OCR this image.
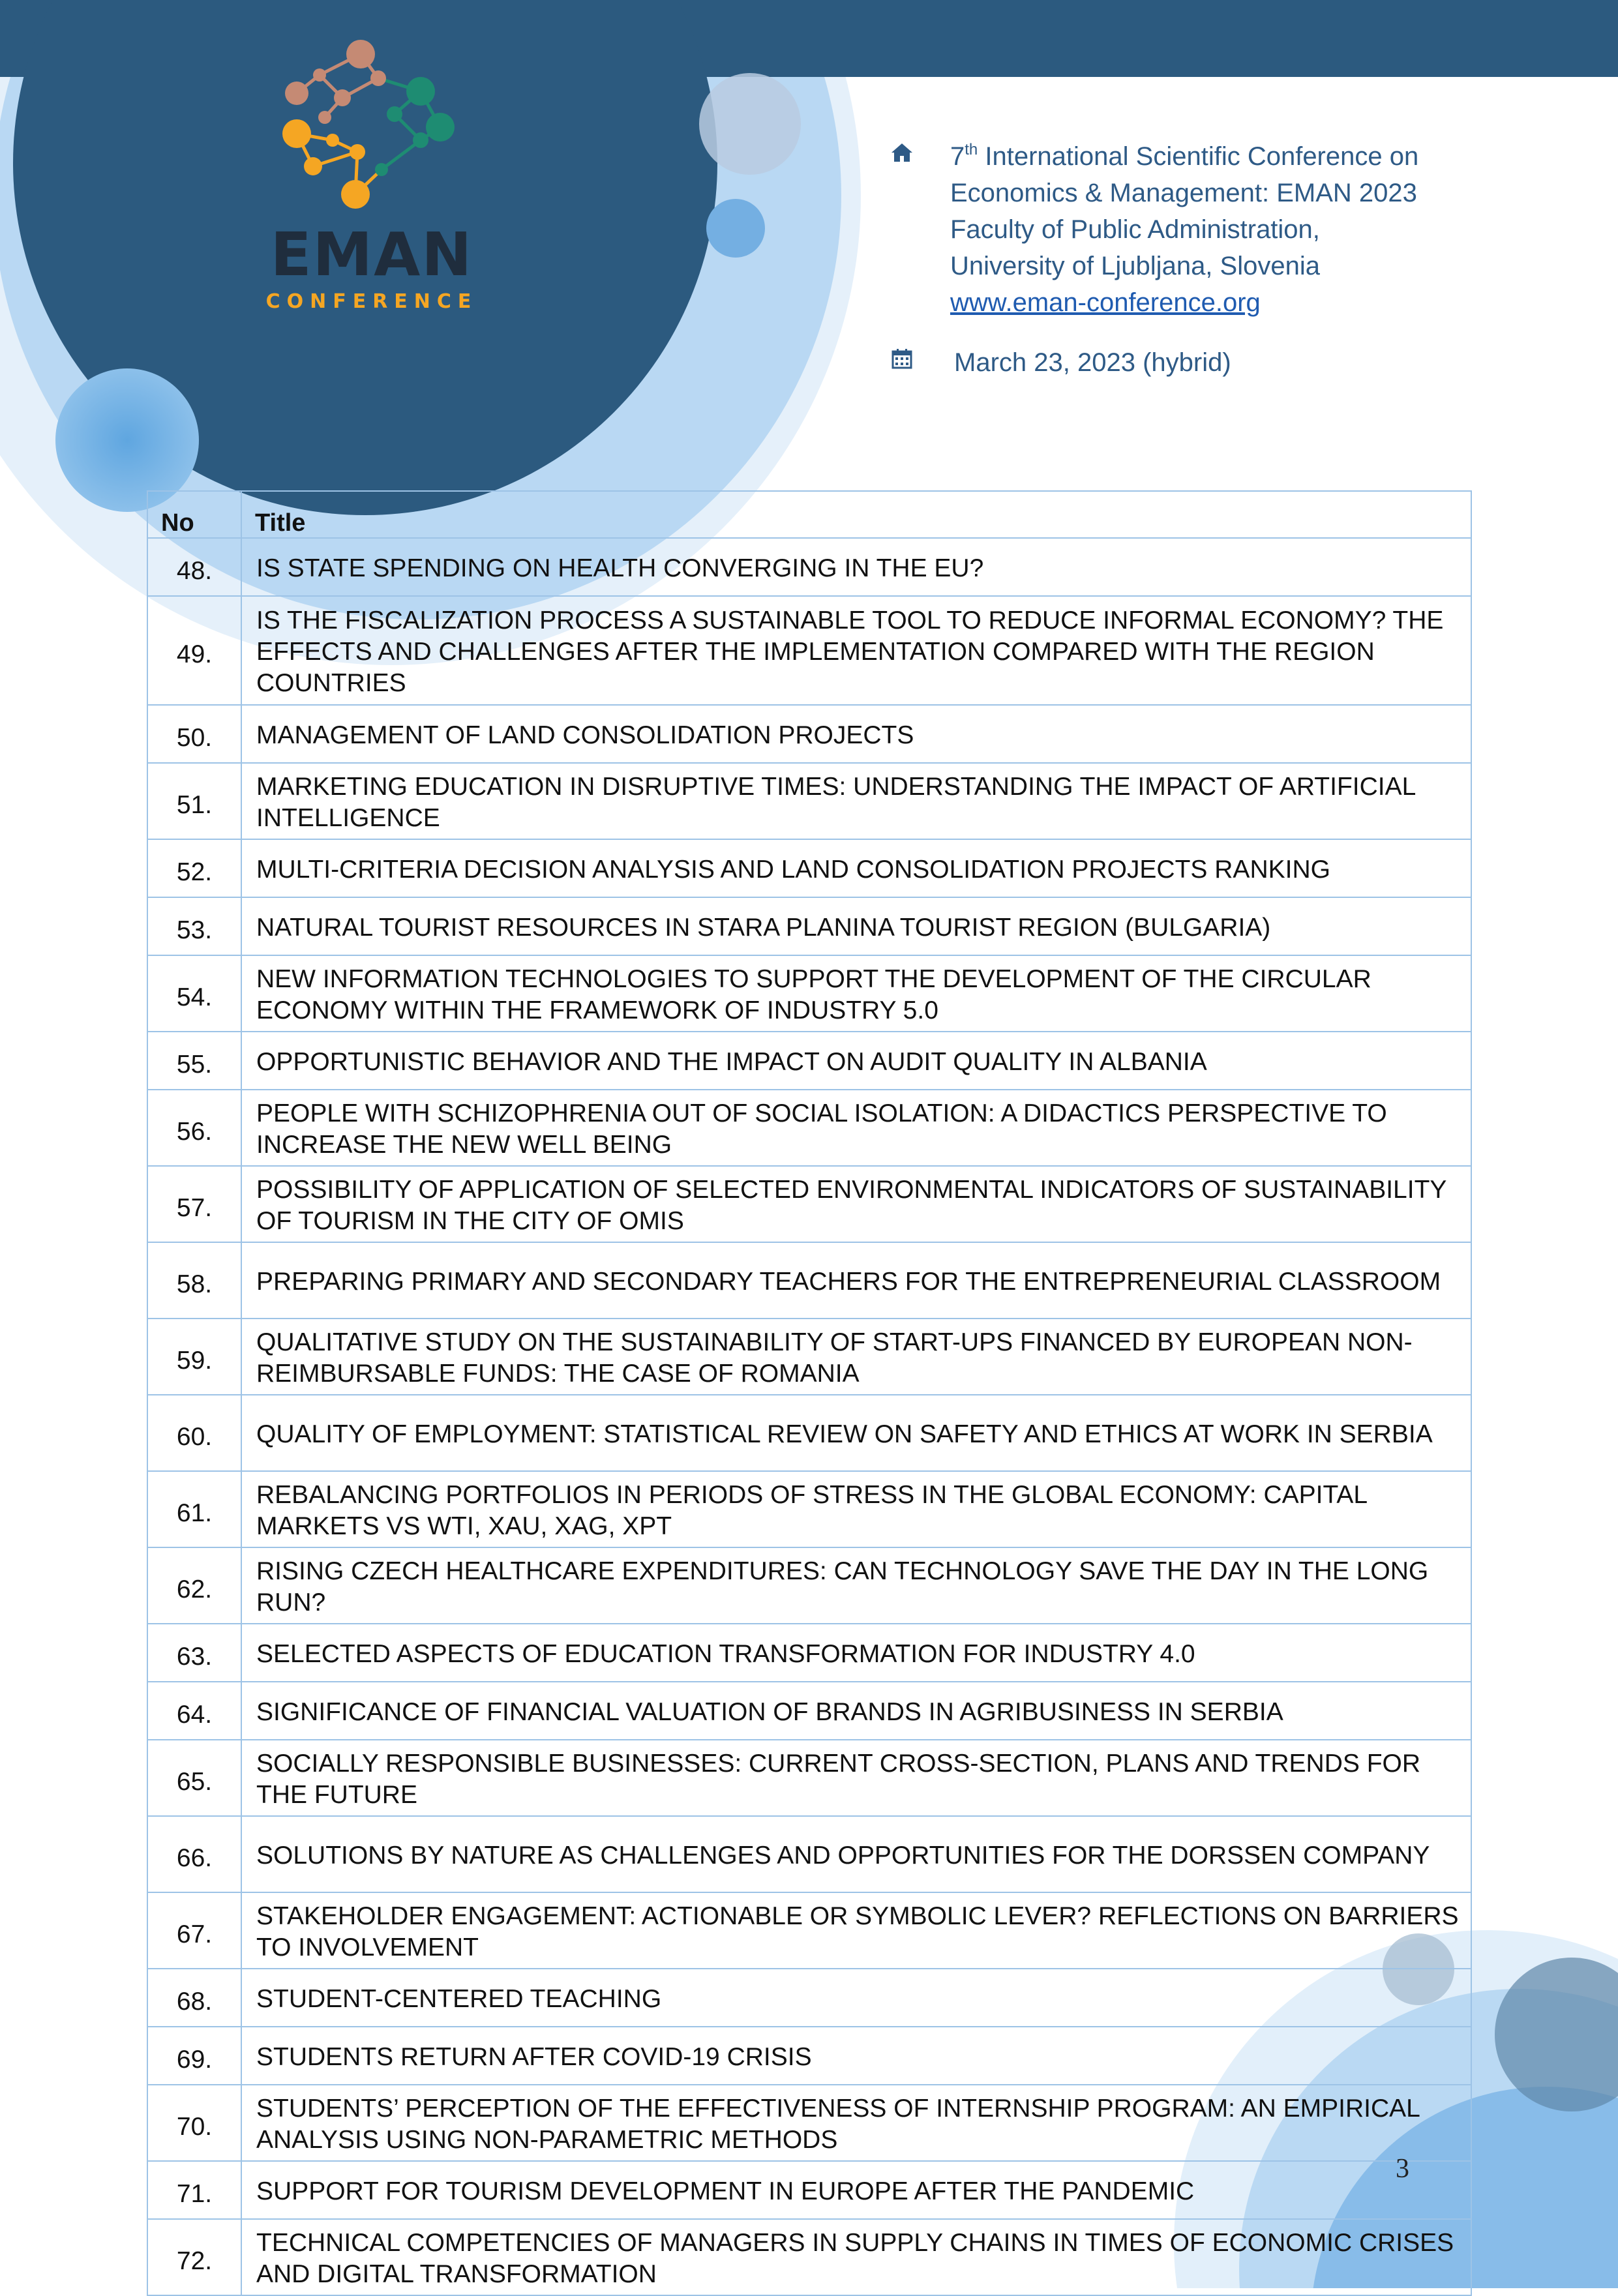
EMAN
CONFERENCE
7th International Scientific Conference on
Economics & Management: EMAN 2023
Faculty of Public Administration,
University of Ljubljana, Slovenia
www.eman-conference.org
March 23, 2023 (hybrid)
No	Title
48.	IS STATE SPENDING ON HEALTH CONVERGING IN THE EU?
49.	IS THE FISCALIZATION PROCESS A SUSTAINABLE TOOL TO REDUCE INFORMAL ECONOMY? THE EFFECTS AND CHALLENGES AFTER THE IMPLEMENTATION COMPARED WITH THE REGION COUNTRIES
50.	MANAGEMENT OF LAND CONSOLIDATION PROJECTS
51.	MARKETING EDUCATION IN DISRUPTIVE TIMES: UNDERSTANDING THE IMPACT OF ARTIFICIAL INTELLIGENCE
52.	MULTI-CRITERIA DECISION ANALYSIS AND LAND CONSOLIDATION PROJECTS RANKING
53.	NATURAL TOURIST RESOURCES IN STARA PLANINA TOURIST REGION (BULGARIA)
54.	NEW INFORMATION TECHNOLOGIES TO SUPPORT THE DEVELOPMENT OF THE CIRCULAR ECONOMY WITHIN THE FRAMEWORK OF INDUSTRY 5.0
55.	OPPORTUNISTIC BEHAVIOR AND THE IMPACT ON AUDIT QUALITY IN ALBANIA
56.	PEOPLE WITH SCHIZOPHRENIA OUT OF SOCIAL ISOLATION: A DIDACTICS PERSPECTIVE TO INCREASE THE NEW WELL BEING
57.	POSSIBILITY OF APPLICATION OF SELECTED ENVIRONMENTAL INDICATORS OF SUSTAINABILITY OF TOURISM IN THE CITY OF OMIS
58.	PREPARING PRIMARY AND SECONDARY TEACHERS FOR THE ENTREPRENEURIAL CLASSROOM
59.	QUALITATIVE STUDY ON THE SUSTAINABILITY OF START-UPS FINANCED BY EUROPEAN NON-REIMBURSABLE FUNDS: THE CASE OF ROMANIA
60.	QUALITY OF EMPLOYMENT: STATISTICAL REVIEW ON SAFETY AND ETHICS AT WORK IN SERBIA
61.	REBALANCING PORTFOLIOS IN PERIODS OF STRESS IN THE GLOBAL ECONOMY: CAPITAL MARKETS VS WTI, XAU, XAG, XPT
62.	RISING CZECH HEALTHCARE EXPENDITURES: CAN TECHNOLOGY SAVE THE DAY IN THE LONG RUN?
63.	SELECTED ASPECTS OF EDUCATION TRANSFORMATION FOR INDUSTRY 4.0
64.	SIGNIFICANCE OF FINANCIAL VALUATION OF BRANDS IN AGRIBUSINESS IN SERBIA
65.	SOCIALLY RESPONSIBLE BUSINESSES: CURRENT CROSS-SECTION, PLANS AND TRENDS FOR THE FUTURE
66.	SOLUTIONS BY NATURE AS CHALLENGES AND OPPORTUNITIES FOR THE DORSSEN COMPANY
67.	STAKEHOLDER ENGAGEMENT: ACTIONABLE OR SYMBOLIC LEVER? REFLECTIONS ON BARRIERS TO INVOLVEMENT
68.	STUDENT-CENTERED TEACHING
69.	STUDENTS RETURN AFTER COVID-19 CRISIS
70.	STUDENTS’ PERCEPTION OF THE EFFECTIVENESS OF INTERNSHIP PROGRAM: AN EMPIRICAL ANALYSIS USING NON-PARAMETRIC METHODS
71.	SUPPORT FOR TOURISM DEVELOPMENT IN EUROPE AFTER THE PANDEMIC
72.	TECHNICAL COMPETENCIES OF MANAGERS IN SUPPLY CHAINS IN TIMES OF ECONOMIC CRISES AND DIGITAL TRANSFORMATION
3
